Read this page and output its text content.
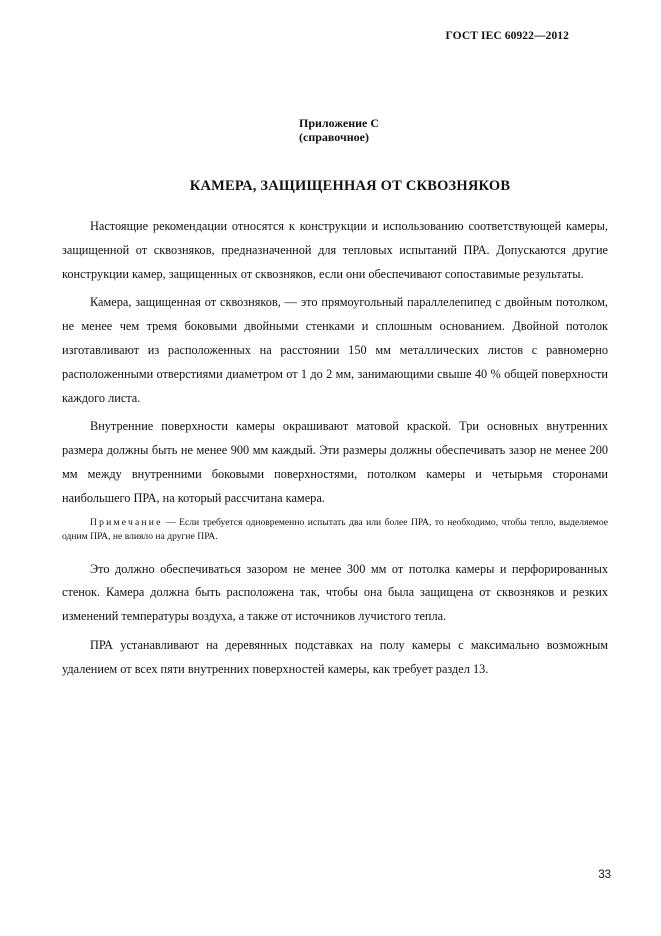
ГОСТ IEC 60922—2012
Приложение С
(справочное)
КАМЕРА, ЗАЩИЩЕННАЯ ОТ СКВОЗНЯКОВ

Настоящие рекомендации относятся к конструкции и использованию соответствующей камеры, защищенной от сквозняков, предназначенной для тепловых испытаний ПРА. Допускаются другие конструкции камер, защищенных от сквозняков, если они обеспечивают сопоставимые результаты.

Камера, защищенная от сквозняков, — это прямоугольный параллелепипед с двойным потолком, не менее чем тремя боковыми двойными стенками и сплошным основанием. Двойной потолок изготавливают из расположенных на расстоянии 150 мм металлических листов с равномерно расположенными отверстиями диаметром от 1 до 2 мм, занимающими свыше 40 % общей поверхности каждого листа.

Внутренние поверхности камеры окрашивают матовой краской. Три основных внутренних размера должны быть не менее 900 мм каждый. Эти размеры должны обеспечивать зазор не менее 200 мм между внутренними боковыми поверхностями, потолком камеры и четырьмя сторонами наибольшего ПРА, на который рассчитана камера.

Примечание — Если требуется одновременно испытать два или более ПРА, то необходимо, чтобы тепло, выделяемое одним ПРА, не влияло на другие ПРА.

Это должно обеспечиваться зазором не менее 300 мм от потолка камеры и перфорированных стенок. Камера должна быть расположена так, чтобы она была защищена от сквозняков и резких изменений температуры воздуха, а также от источников лучистого тепла.

ПРА устанавливают на деревянных подставках на полу камеры с максимально возможным удалением от всех пяти внутренних поверхностей камеры, как требует раздел 13.

33
